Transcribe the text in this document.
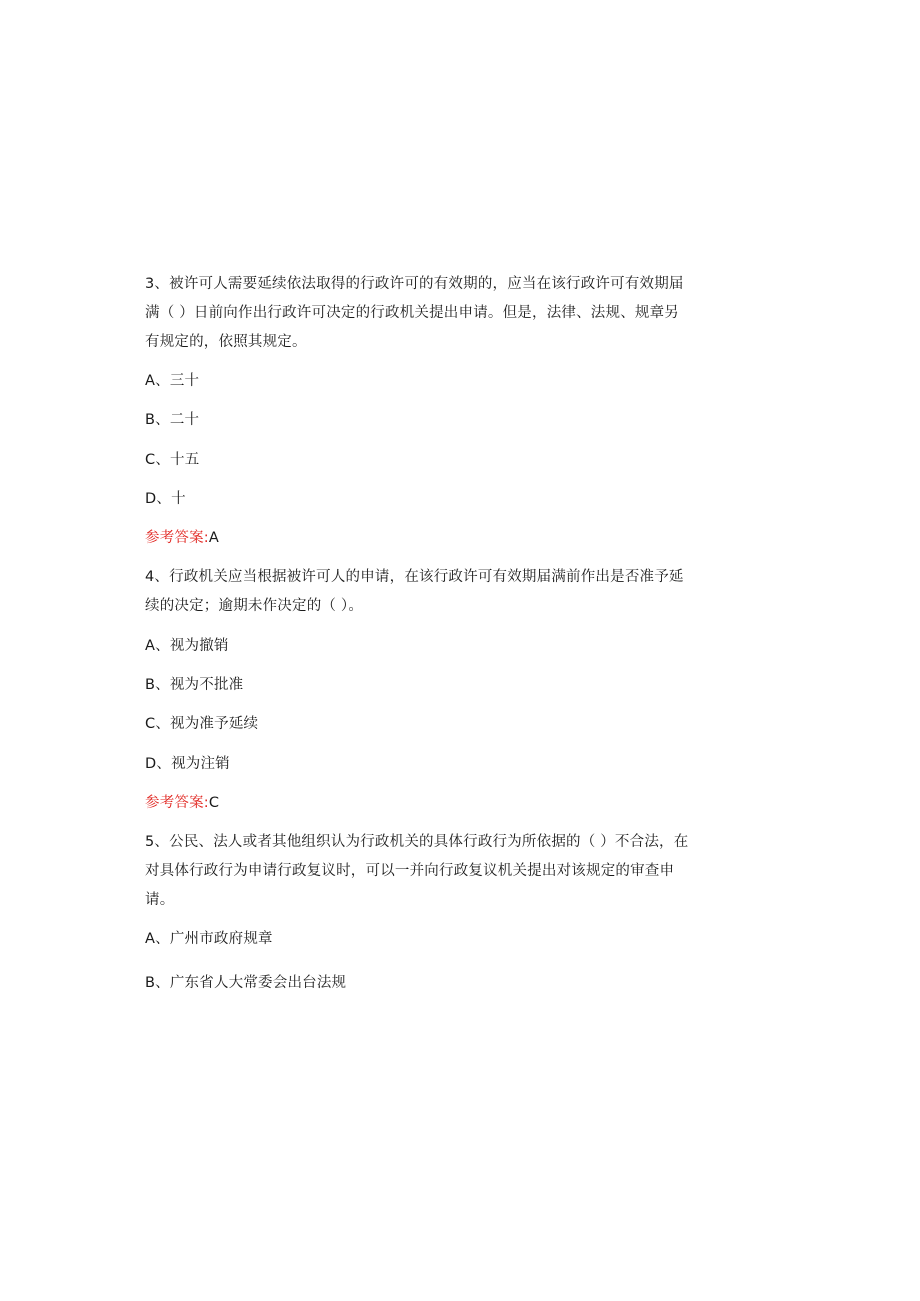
3、被许可人需要延续依法取得的行政许可的有效期的，应当在该行政许可有效期届
满（ ）日前向作出行政许可决定的行政机关提出申请。但是，法律、法规、规章另
有规定的，依照其规定。
A、三十
B、二十
C、十五
D、十
参考答案:A
4、行政机关应当根据被许可人的申请，在该行政许可有效期届满前作出是否准予延
续的决定；逾期未作决定的（ ）。
A、视为撤销
B、视为不批准
C、视为准予延续
D、视为注销
参考答案:C
5、公民、法人或者其他组织认为行政机关的具体行政行为所依据的（ ）不合法，在
对具体行政行为申请行政复议时，可以一并向行政复议机关提出对该规定的审查申
请。
A、广州市政府规章
B、广东省人大常委会出台法规
